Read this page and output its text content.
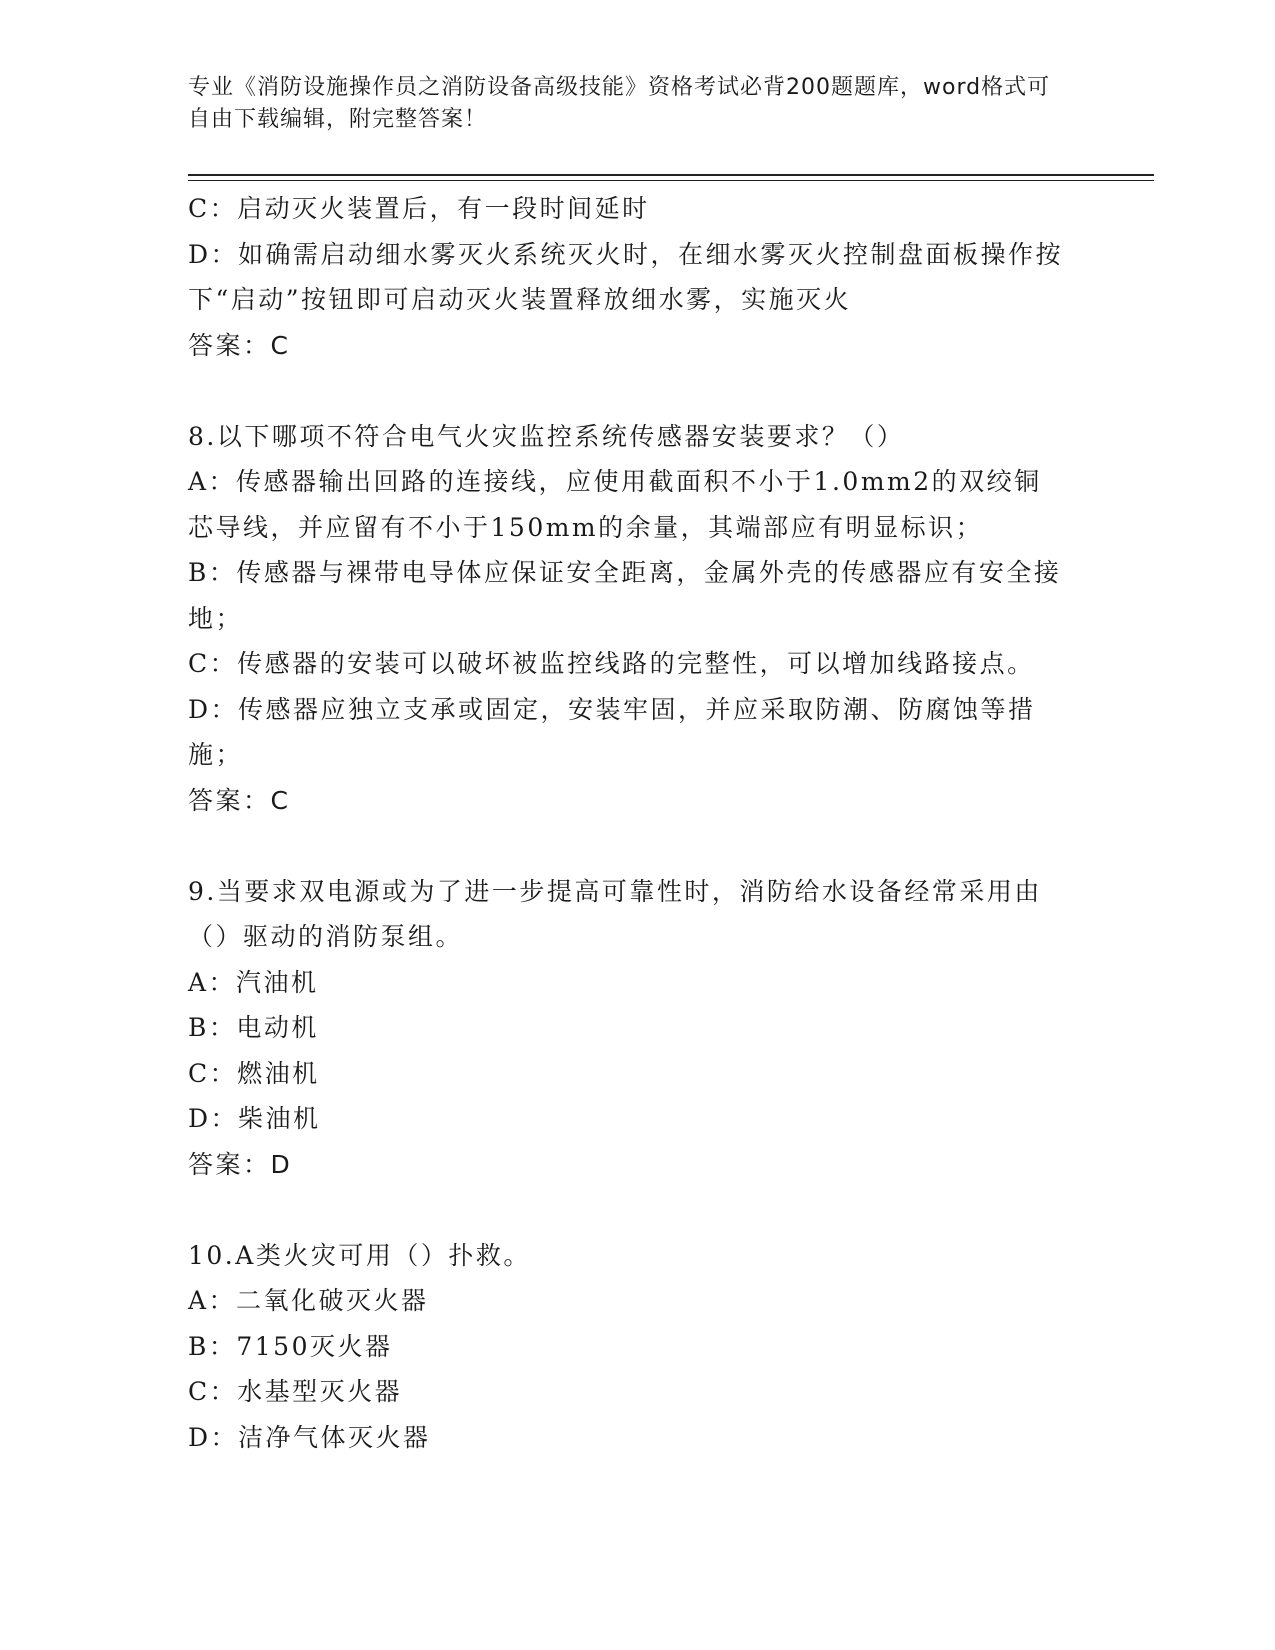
专业《消防设施操作员之消防设备高级技能》资格考试必背200题题库，word格式可自由下载编辑，附完整答案！

C：启动灭火装置后，有一段时间延时

D：如确需启动细水雾灭火系统灭火时，在细水雾灭火控制盘面板操作按下“启动”按钮即可启动灭火装置释放细水雾，实施灭火

答案：C

8.以下哪项不符合电气火灾监控系统传感器安装要求？（）

A：传感器输出回路的连接线，应使用截面积不小于1.0mm2的双绞铜芯导线，并应留有不小于150mm的余量，其端部应有明显标识；

B：传感器与裸带电导体应保证安全距离，金属外壳的传感器应有安全接地；

C：传感器的安装可以破坏被监控线路的完整性，可以增加线路接点。

D：传感器应独立支承或固定，安装牢固，并应采取防潮、防腐蚀等措施；

答案：C

9.当要求双电源或为了进一步提高可靠性时，消防给水设备经常采用由（）驱动的消防泵组。

A：汽油机

B：电动机

C：燃油机

D：柴油机

答案：D

10.A类火灾可用（）扑救。

A：二氧化破灭火器

B：7150灭火器

C：水基型灭火器

D：洁净气体灭火器
